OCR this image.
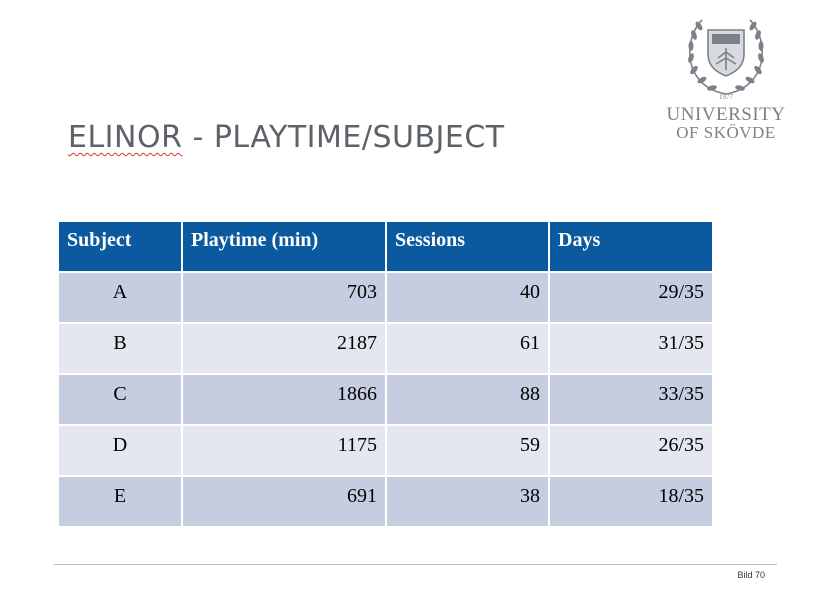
ELINOR - PLAYTIME/SUBJECT
1977
UNIVERSITY
OF SKÖVDE
Subject	Playtime (min)	Sessions	Days
A	703	40	29/35
B	2187	61	31/35
C	1866	88	33/35
D	1175	59	26/35
E	691	38	18/35
Bild 70
